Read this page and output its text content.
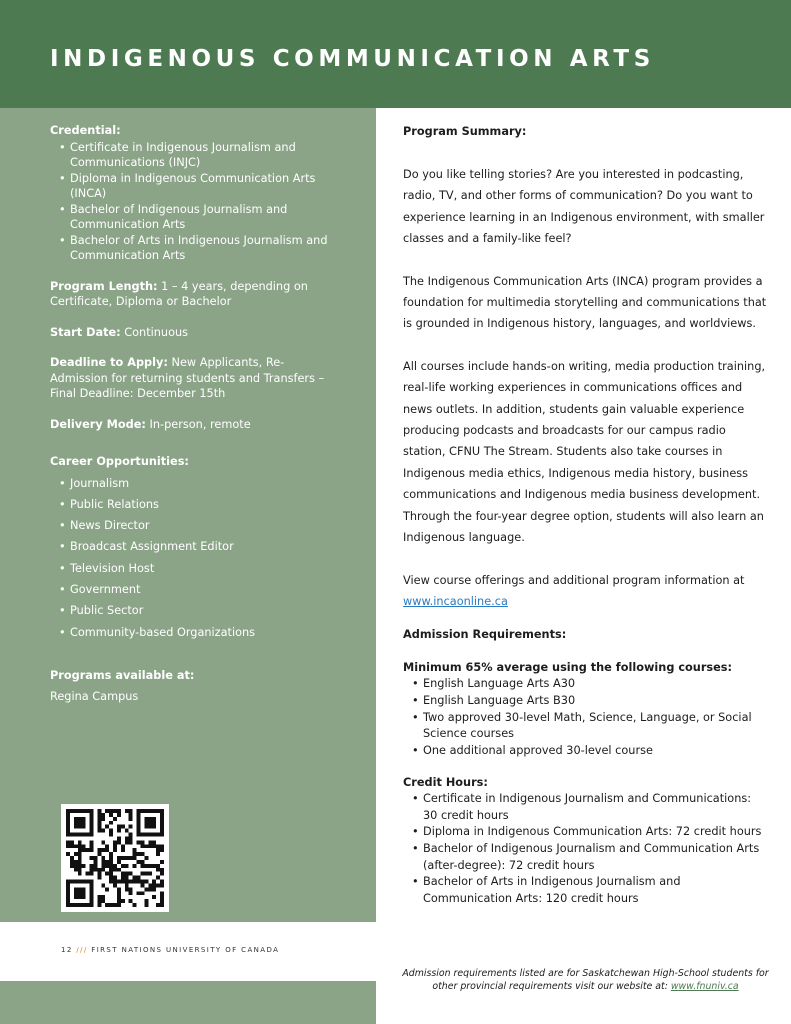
INDIGENOUS COMMUNICATION ARTS

Credential:

• Certificate in Indigenous Journalism and Communications (INJC)
• Diploma in Indigenous Communication Arts (INCA)
• Bachelor of Indigenous Journalism and Communication Arts
• Bachelor of Arts in Indigenous Journalism and Communication Arts

Program Length: 1 – 4 years, depending on Certificate, Diploma or Bachelor

Start Date: Continuous

Deadline to Apply: New Applicants, Re-Admission for returning students and Transfers – Final Deadline: December 15th

Delivery Mode: In-person, remote

Career Opportunities:

• Journalism
• Public Relations
• News Director
• Broadcast Assignment Editor
• Television Host
• Government
• Public Sector
• Community-based Organizations

Programs available at:

Regina Campus

12 /// FIRST NATIONS UNIVERSITY OF CANADA
Program Summary:

Do you like telling stories? Are you interested in podcasting, radio, TV, and other forms of communication? Do you want to experience learning in an Indigenous environment, with smaller classes and a family-like feel?

The Indigenous Communication Arts (INCA) program provides a foundation for multimedia storytelling and communications that is grounded in Indigenous history, languages, and worldviews.

All courses include hands-on writing, media production training, real-life working experiences in communications offices and news outlets. In addition, students gain valuable experience producing podcasts and broadcasts for our campus radio station, CFNU The Stream. Students also take courses in Indigenous media ethics, Indigenous media history, business communications and Indigenous media business development. Through the four-year degree option, students will also learn an Indigenous language.

View course offerings and additional program information at
www.incaonline.ca

Admission Requirements:
Minimum 65% average using the following courses:
• English Language Arts A30
• English Language Arts B30
• Two approved 30-level Math, Science, Language, or Social Science courses
• One additional approved 30-level course
Credit Hours:
• Certificate in Indigenous Journalism and Communications: 30 credit hours
• Diploma in Indigenous Communication Arts: 72 credit hours
• Bachelor of Indigenous Journalism and Communication Arts (after-degree): 72 credit hours
• Bachelor of Arts in Indigenous Journalism and Communication Arts: 120 credit hours
Admission requirements listed are for Saskatchewan High-School students for other provincial requirements visit our website at: www.fnuniv.ca
